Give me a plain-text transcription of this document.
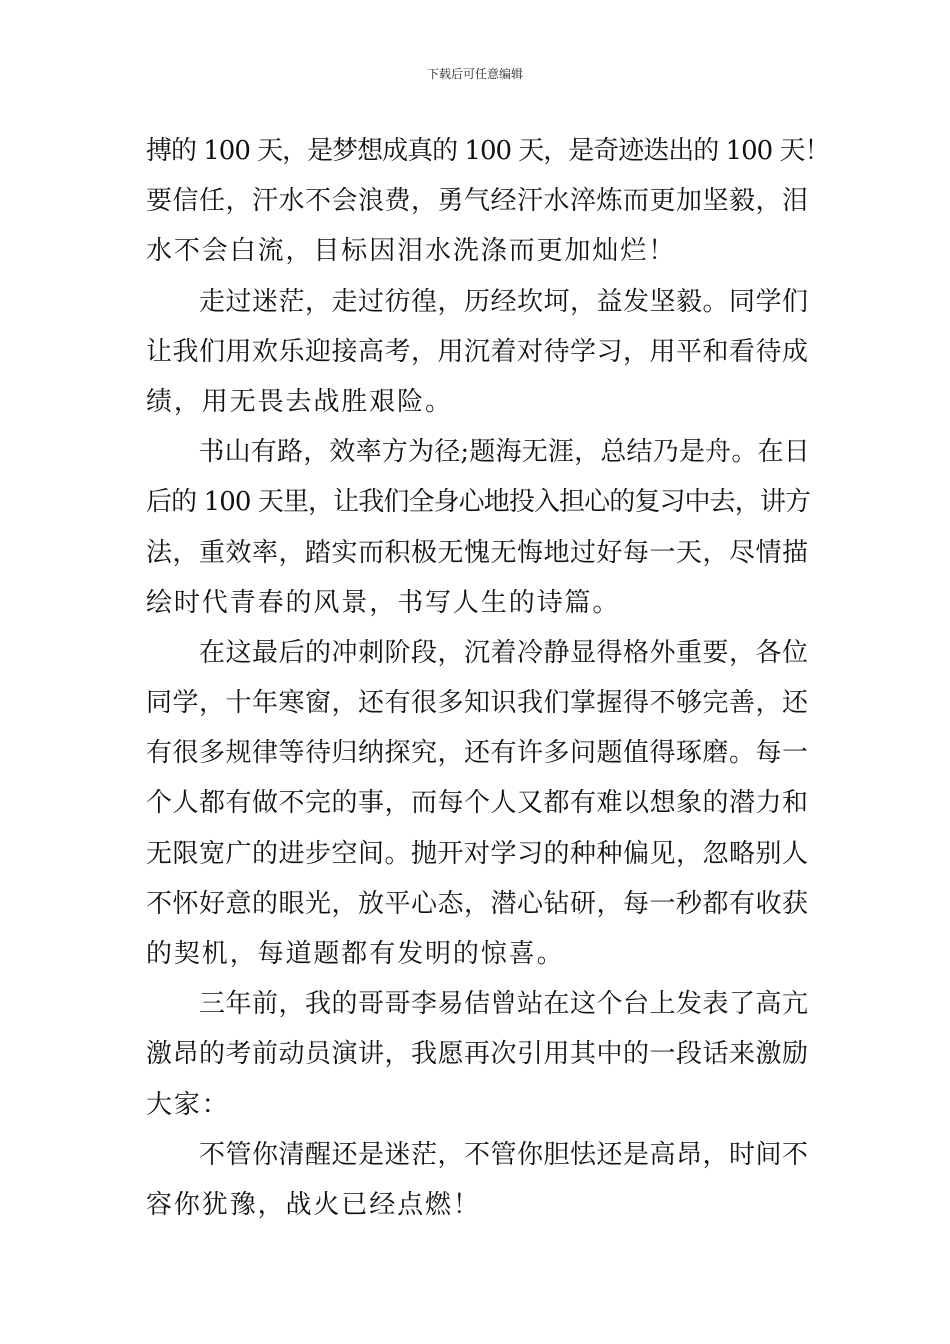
下载后可任意编辑

搏的 100 天，是梦想成真的 100 天，是奇迹迭出的 100 天！
要信任，汗水不会浪费，勇气经汗水淬炼而更加坚毅，泪
水不会白流，目标因泪水洗涤而更加灿烂！

　　走过迷茫，走过彷徨，历经坎坷，益发坚毅。同学们
让我们用欢乐迎接高考，用沉着对待学习，用平和看待成
绩，用无畏去战胜艰险。

　　书山有路，效率方为径;题海无涯，总结乃是舟。在日
后的 100 天里，让我们全身心地投入担心的复习中去，讲方
法，重效率，踏实而积极无愧无悔地过好每一天，尽情描
绘时代青春的风景，书写人生的诗篇。

　　在这最后的冲刺阶段，沉着冷静显得格外重要，各位
同学，十年寒窗，还有很多知识我们掌握得不够完善，还
有很多规律等待归纳探究，还有许多问题值得琢磨。每一
个人都有做不完的事，而每个人又都有难以想象的潜力和
无限宽广的进步空间。抛开对学习的种种偏见，忽略别人
不怀好意的眼光，放平心态，潜心钻研，每一秒都有收获
的契机，每道题都有发明的惊喜。

　　三年前，我的哥哥李易佶曾站在这个台上发表了高亢
激昂的考前动员演讲，我愿再次引用其中的一段话来激励
大家：

　　不管你清醒还是迷茫，不管你胆怯还是高昂，时间不
容你犹豫，战火已经点燃！
